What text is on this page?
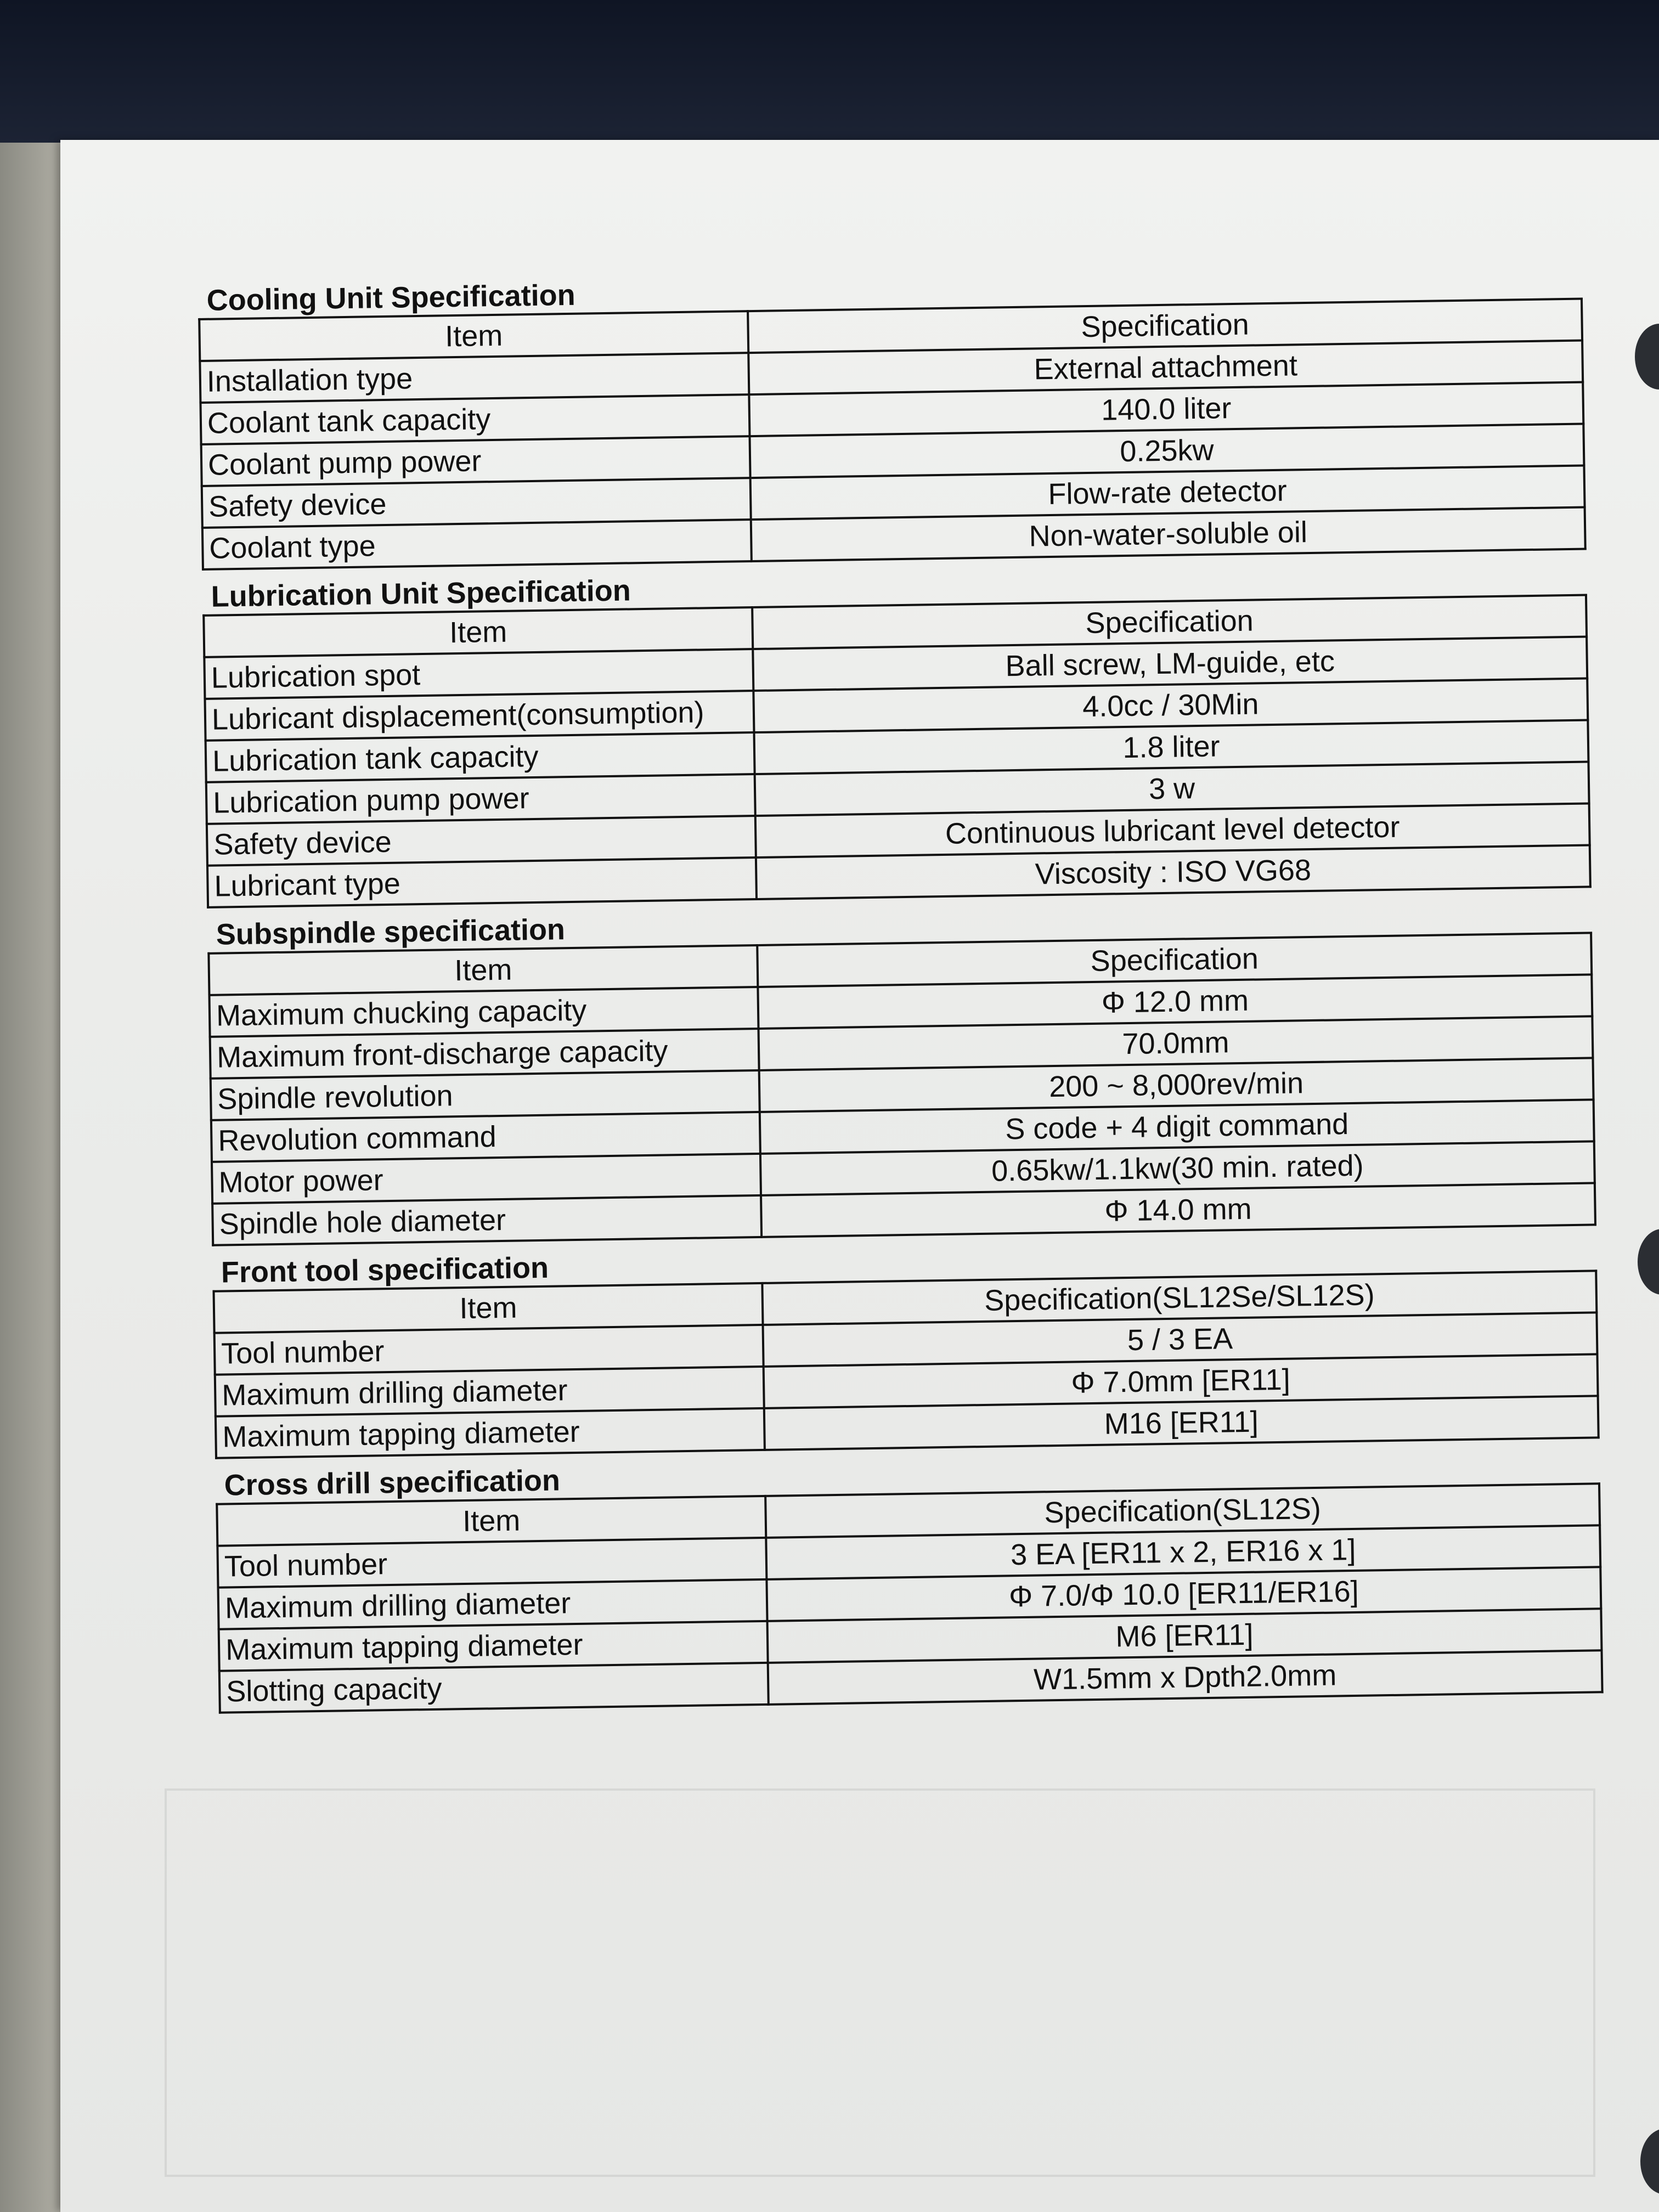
Cooling Unit Specification
Item	Specification
Installation type	External attachment
Coolant tank capacity	140.0 liter
Coolant pump power	0.25kw
Safety device	Flow-rate detector
Coolant type	Non-water-soluble oil
Lubrication Unit Specification
Item	Specification
Lubrication spot	Ball screw, LM-guide, etc
Lubricant displacement(consumption)	4.0cc / 30Min
Lubrication tank capacity	1.8 liter
Lubrication pump power	3 w
Safety device	Continuous lubricant level detector
Lubricant type	Viscosity : ISO VG68
Subspindle specification
Item	Specification
Maximum chucking capacity	Φ 12.0 mm
Maximum front-discharge capacity	70.0mm
Spindle revolution	200 ~ 8,000rev/min
Revolution command	S code + 4 digit command
Motor power	0.65kw/1.1kw(30 min. rated)
Spindle hole diameter	Φ 14.0 mm
Front tool specification
Item	Specification(SL12Se/SL12S)
Tool number	5 / 3 EA
Maximum drilling diameter	Φ 7.0mm [ER11]
Maximum tapping diameter	M16 [ER11]
Cross drill specification
Item	Specification(SL12S)
Tool number	3 EA [ER11 x 2, ER16 x 1]
Maximum drilling diameter	Φ 7.0/Φ 10.0 [ER11/ER16]
Maximum tapping diameter	M6 [ER11]
Slotting capacity	W1.5mm x Dpth2.0mm
